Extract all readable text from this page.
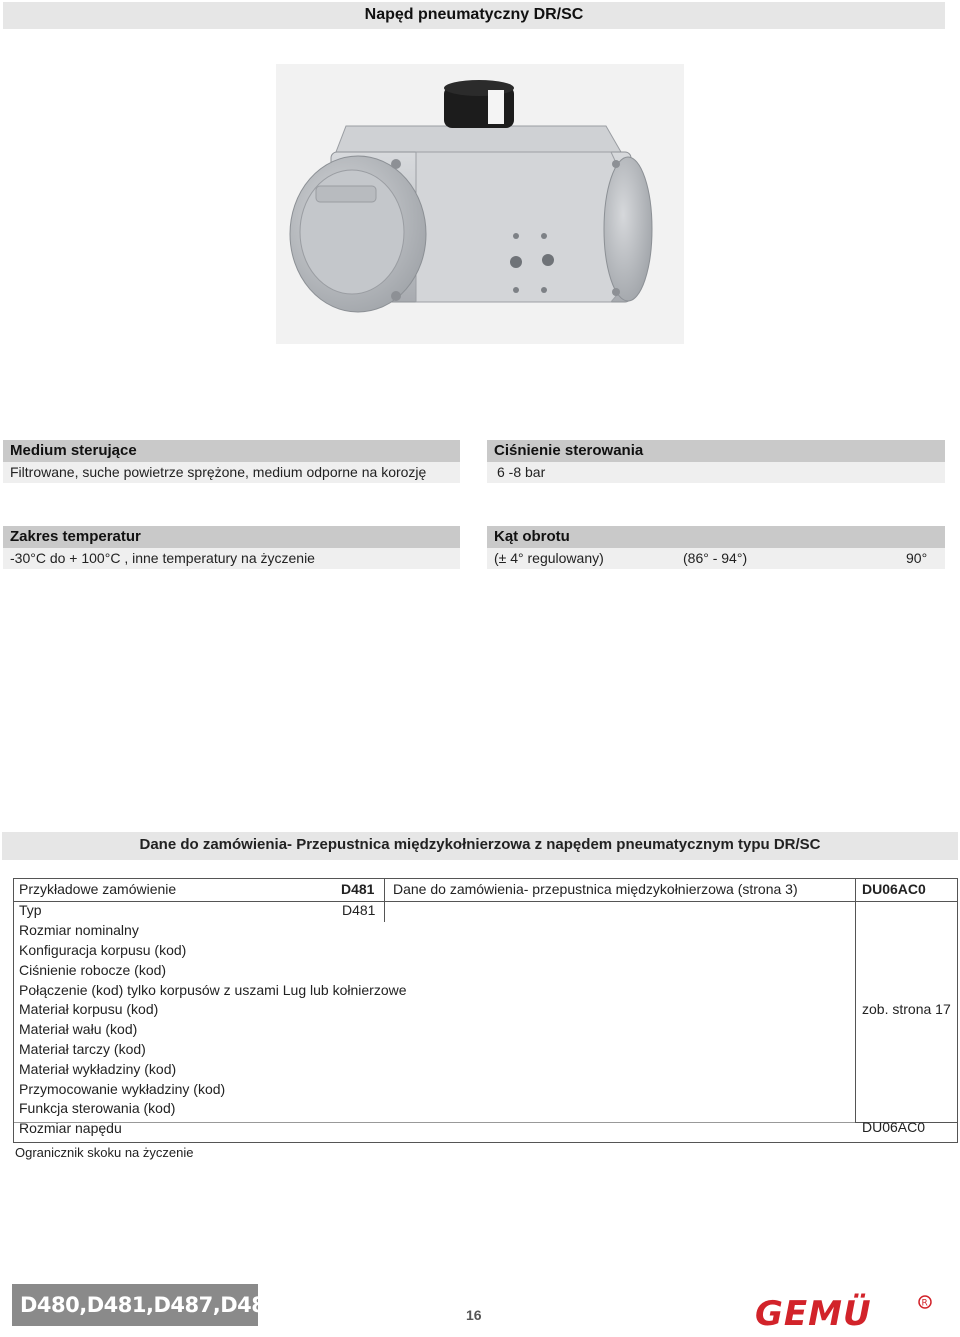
Napęd pneumatyczny DR/SC
Medium sterujące
Filtrowane, suche powietrze sprężone, medium odporne na korozję
Ciśnienie sterowania
6 -8 bar
Zakres temperatur
-30°C do + 100°C , inne temperatury na życzenie
Kąt obrotu
(± 4° regulowany)	(86° - 94°)	90°
Dane do zamówienia- Przepustnica międzykołnierzowa z napędem pneumatycznym typu DR/SC
Przykładowe zamówienie	D481 Dane do zamówienia- przepustnica międzykołnierzowa (strona 3)	DU06AC0
Typ	D481
Rozmiar nominalny
Konfiguracja korpusu (kod)
Ciśnienie robocze (kod)
Połączenie (kod) tylko korpusów z uszami Lug lub kołnierzowe
Materiał korpusu (kod)
Materiał wału (kod)
Materiał tarczy (kod)
Materiał wykładziny (kod)
Przymocowanie wykładziny (kod)
Funkcja sterowania (kod)
zob. strona 17
Rozmiar napędu	DU06AC0
Ogranicznik skoku na życzenie
D480,D481,D487,D488	16	GEMÜ	R
